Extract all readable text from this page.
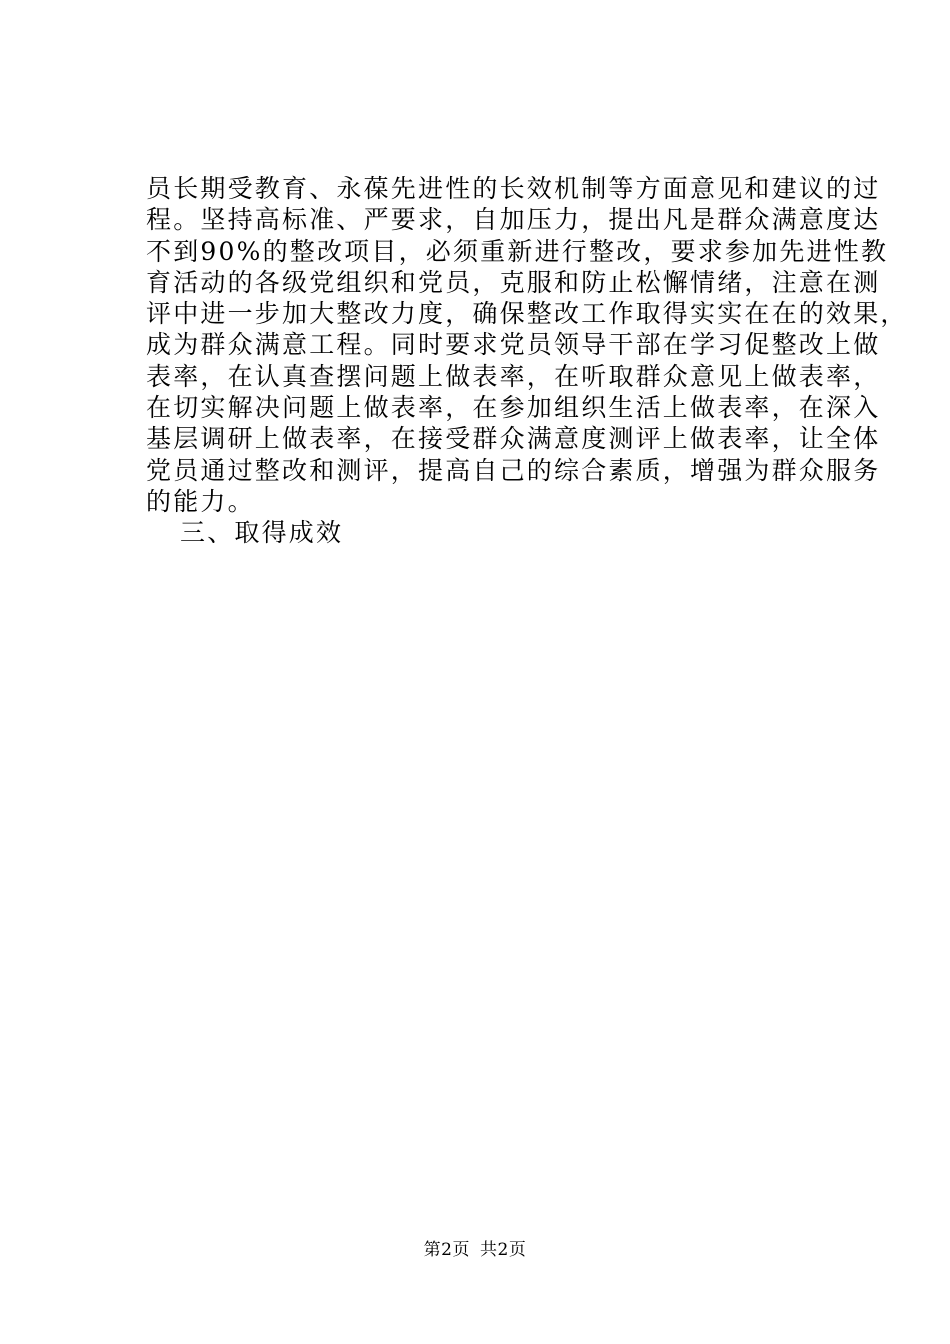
员长期受教育、永葆先进性的长效机制等方面意见和建议的过
程。坚持高标准、严要求，自加压力，提出凡是群众满意度达
不到90%的整改项目，必须重新进行整改，要求参加先进性教
育活动的各级党组织和党员，克服和防止松懈情绪，注意在测
评中进一步加大整改力度，确保整改工作取得实实在在的效果，
成为群众满意工程。同时要求党员领导干部在学习促整改上做
表率，在认真查摆问题上做表率，在听取群众意见上做表率，
在切实解决问题上做表率，在参加组织生活上做表率，在深入
基层调研上做表率，在接受群众满意度测评上做表率，让全体
党员通过整改和测评，提高自己的综合素质，增强为群众服务
的能力。
三、取得成效
第2页 共2页
